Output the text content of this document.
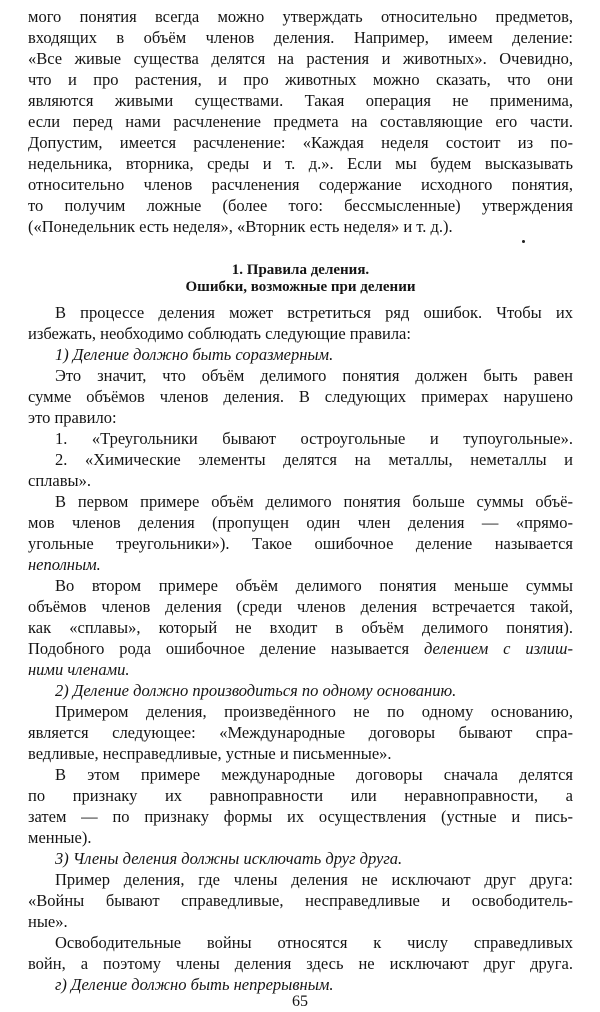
мого понятия всегда можно утверждать относительно предметов,
входящих в объём членов деления. Например, имеем деление:
«Все живые существа делятся на растения и животных». Очевидно,
что и про растения, и про животных можно сказать, что они
являются живыми существами. Такая операция не применима,
если перед нами расчленение предмета на составляющие его части.
Допустим, имеется расчленение: «Каждая неделя состоит из по-
недельника, вторника, среды и т. д.». Если мы будем высказывать
относительно членов расчленения содержание исходного понятия,
то получим ложные (более того: бессмысленные) утверждения
(«Понедельник есть неделя», «Вторник есть неделя» и т. д.).
1. Правила деления.
Ошибки, возможные при делении
В процессе деления может встретиться ряд ошибок. Чтобы их
избежать, необходимо соблюдать следующие правила:
1) Деление должно быть соразмерным.
Это значит, что объём делимого понятия должен быть равен
сумме объёмов членов деления. В следующих примерах нарушено
это правило:
1. «Треугольники бывают остроугольные и тупоугольные».
2. «Химические элементы делятся на металлы, неметаллы и
сплавы».
В первом примере объём делимого понятия больше суммы объё-
мов членов деления (пропущен один член деления — «прямо-
угольные треугольники»). Такое ошибочное деление называется
неполным.
Во втором примере объём делимого понятия меньше суммы
объёмов членов деления (среди членов деления встречается такой,
как «сплавы», который не входит в объём делимого понятия).
Подобного рода ошибочное деление называется делением с излиш-
ними членами.
2) Деление должно производиться по одному основанию.
Примером деления, произведённого не по одному основанию,
является следующее: «Международные договоры бывают спра-
ведливые, несправедливые, устные и письменные».
В этом примере международные договоры сначала делятся
по признаку их равноправности или неравноправности, а
затем — по признаку формы их осуществления (устные и пись-
менные).
3) Члены деления должны исключать друг друга.
Пример деления, где члены деления не исключают друг друга:
«Войны бывают справедливые, несправедливые и освободитель-
ные».
Освободительные войны относятся к числу справедливых
войн, а поэтому члены деления здесь не исключают друг друга.
г) Деление должно быть непрерывным.
65
